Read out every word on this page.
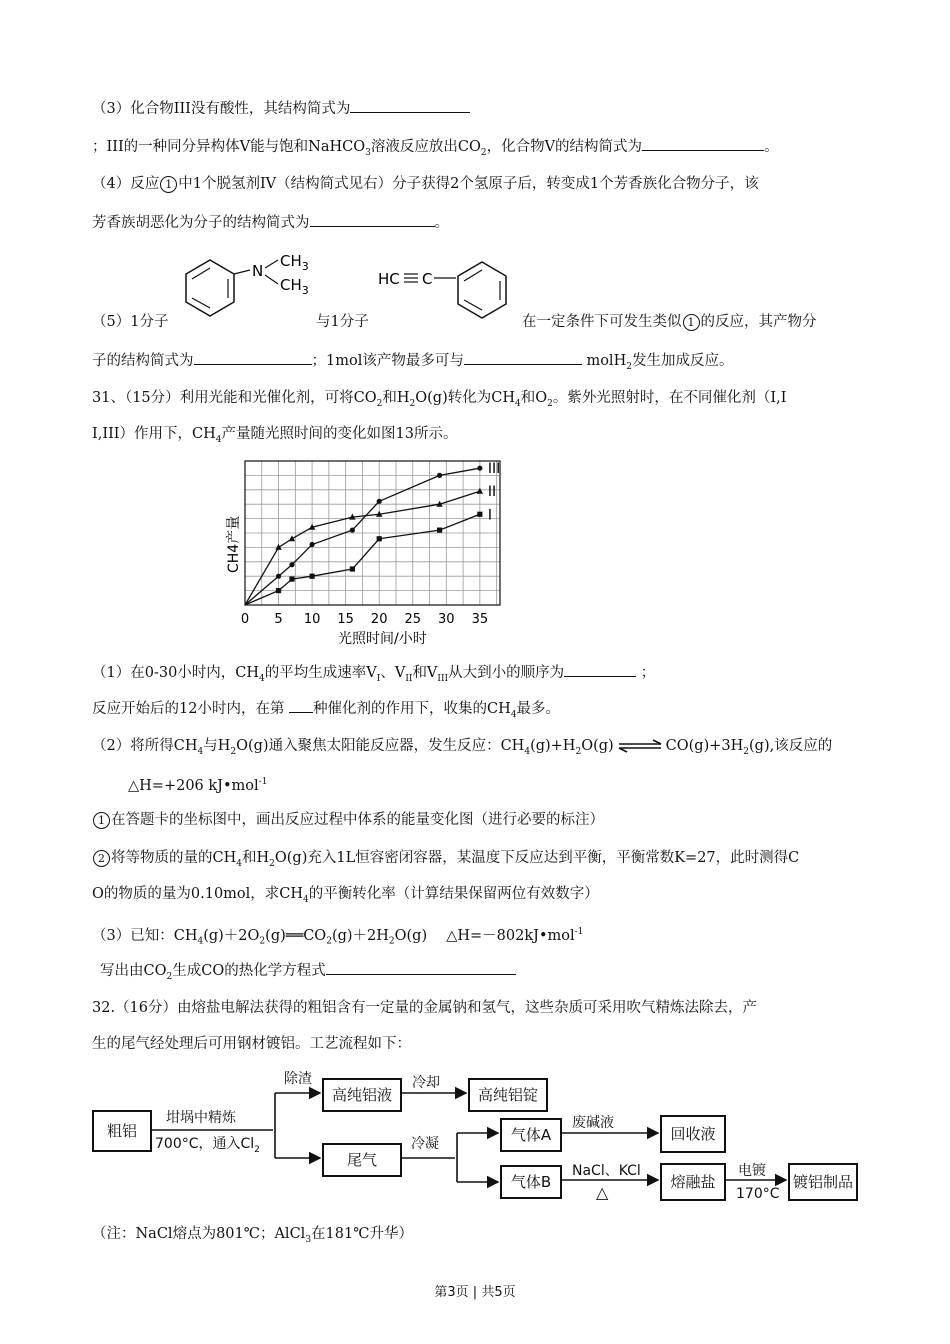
（3）化合物III没有酸性，其结构简式为
；III的一种同分异构体V能与饱和NaHCO$_3$溶液反应放出$CO_2$，化合物V的结构简式为	。
（4）反应 1 中1个脱氢剂IV（结构简式见右）分子获得2个氢原子后，转变成1个芳香族化合物分子，该
芳香族胡恶化为分子的结构简式为	。
N
$CH_3$
$CH_3$
HC C
（5）1分子	与1分子	在一定条件下可发生类似 1 的反应，其产物分
子的结构简式为	；1mol该产物最多可与	molH$_2$发生加成反应。
31、（15分）利用光能和光催化剂，可将$CO_2$和$H_2O(g)$转化为$CH_4$和$O_2$。紫外光照射时，在不同催化剂（I,I
I,III）作用下，$CH_4$产量随光照时间的变化如图13所示。
0 5 10 15 20 25 30 35
III
II
I
光照时间/小时
CH4产量
（1）在0-30小时内，$CH_4$的平均生成速率$V_I$、$V_{II}$和$V_{III}$从大到小的顺序为	；
反应开始后的12小时内，在第 种催化剂的作用下，收集的$CH_4$最多。
（2）将所得$CH_4$与$H_2O(g)$通入聚焦太阳能反应器，发生反应：$CH_4(g)+H_2O(g)$ ⇌ $CO(g)+3H_2(g)$,该反应的
△H=+206 kJ•mol$^{-1}$
1 在答题卡的坐标图中，画出反应过程中体系的能量变化图（进行必要的标注）
2 将等物质的量的$CH_4$和$H_2O(g)$充入1L恒容密闭容器，某温度下反应达到平衡，平衡常数K=27，此时测得C
O的物质的量为0.10mol，求$CH_4$的平衡转化率（计算结果保留两位有效数字）
（3）已知：$CH_4(g)+2O_2(g)══CO_2(g)+2H_2O(g)$　 △H=－802kJ•mol$^{-1}$
写出由$CO_2$生成CO的热化学方程式
32.（16分）由熔盐电解法获得的粗铝含有一定量的金属钠和氢气，这些杂质可采用吹气精炼法除去，产
生的尾气经处理后可用钢材镀铝。工艺流程如下：
粗铝
坩埚中精炼
700°C，通入$Cl_2$
除渣
高纯铝液
冷却
高纯铝锭
尾气
冷凝	气体A
废碱液
回收液
气体B
NaCl、KCl
△
熔融盐
电镀
170°C
镀铝制品
（注：NaCl熔点为801℃；AlCl$_3$在181℃升华）
第3页 | 共5页
